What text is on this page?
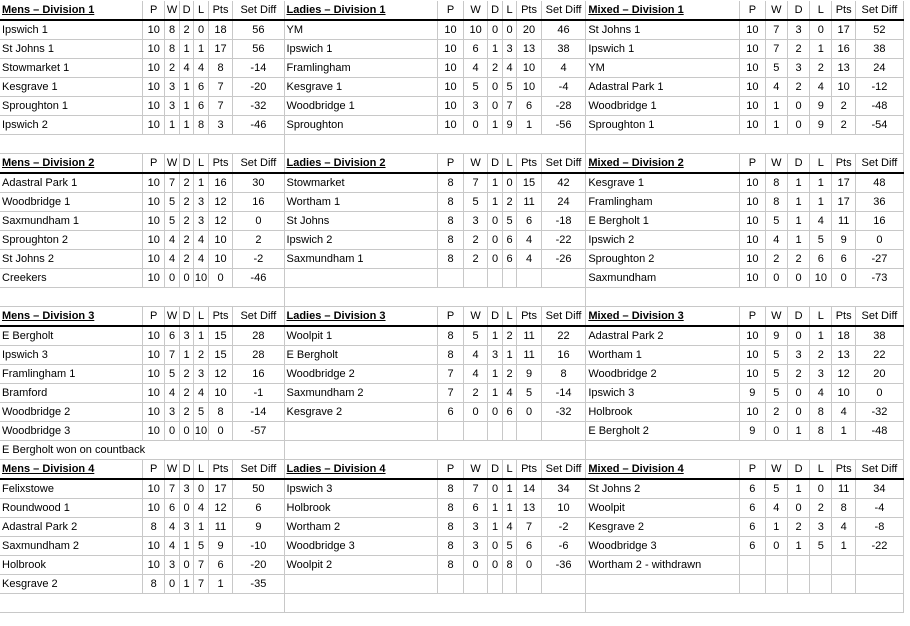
Mens – Division 1	P	W	D	L	Pts	Set Diff	Ladies – Division 1	P	W	D	L	Pts	Set Diff	Mixed – Division 1	P	W	D	L	Pts	Set Diff
Ipswich 1	10	8	2	0	18	56	YM	10	10	0	0	20	46	St Johns 1	10	7	3	0	17	52
St Johns 1	10	8	1	1	17	56	Ipswich 1	10	6	1	3	13	38	Ipswich 1	10	7	2	1	16	38
Stowmarket 1	10	2	4	4	8	-14	Framlingham	10	4	2	4	10	4	YM	10	5	3	2	13	24
Kesgrave 1	10	3	1	6	7	-20	Kesgrave 1	10	5	0	5	10	-4	Adastral Park 1	10	4	2	4	10	-12
Sproughton 1	10	3	1	6	7	-32	Woodbridge 1	10	3	0	7	6	-28	Woodbridge 1	10	1	0	9	2	-48
Ipswich 2	10	1	1	8	3	-46	Sproughton	10	0	1	9	1	-56	Sproughton 1	10	1	0	9	2	-54

Mens – Division 2	P	W	D	L	Pts	Set Diff	Ladies – Division 2	P	W	D	L	Pts	Set Diff	Mixed – Division 2	P	W	D	L	Pts	Set Diff
Adastral Park 1	10	7	2	1	16	30	Stowmarket	8	7	1	0	15	42	Kesgrave 1	10	8	1	1	17	48
Woodbridge 1	10	5	2	3	12	16	Wortham 1	8	5	1	2	11	24	Framlingham	10	8	1	1	17	36
Saxmundham 1	10	5	2	3	12	0	St Johns	8	3	0	5	6	-18	E Bergholt 1	10	5	1	4	11	16
Sproughton 2	10	4	2	4	10	2	Ipswich 2	8	2	0	6	4	-22	Ipswich 2	10	4	1	5	9	0
St Johns 2	10	4	2	4	10	-2	Saxmundham 1	8	2	0	6	4	-26	Sproughton 2	10	2	2	6	6	-27
Creekers	10	0	0	10	0	-46								Saxmundham	10	0	0	10	0	-73

Mens – Division 3	P	W	D	L	Pts	Set Diff	Ladies – Division 3	P	W	D	L	Pts	Set Diff	Mixed – Division 3	P	W	D	L	Pts	Set Diff
E Bergholt	10	6	3	1	15	28	Woolpit 1	8	5	1	2	11	22	Adastral Park 2	10	9	0	1	18	38
Ipswich 3	10	7	1	2	15	28	E Bergholt	8	4	3	1	11	16	Wortham 1	10	5	3	2	13	22
Framlingham 1	10	5	2	3	12	16	Woodbridge 2	7	4	1	2	9	8	Woodbridge 2	10	5	2	3	12	20
Bramford	10	4	2	4	10	-1	Saxmundham 2	7	2	1	4	5	-14	Ipswich 3	9	5	0	4	10	0
Woodbridge 2	10	3	2	5	8	-14	Kesgrave 2	6	0	0	6	0	-32	Holbrook	10	2	0	8	4	-32
Woodbridge 3	10	0	0	10	0	-57								E Bergholt 2	9	0	1	8	1	-48
E Bergholt won on countback																				
Mens – Division 4	P	W	D	L	Pts	Set Diff	Ladies – Division 4	P	W	D	L	Pts	Set Diff	Mixed – Division 4	P	W	D	L	Pts	Set Diff
Felixstowe	10	7	3	0	17	50	Ipswich 3	8	7	0	1	14	34	St Johns 2	6	5	1	0	11	34
Roundwood 1	10	6	0	4	12	6	Holbrook	8	6	1	1	13	10	Woolpit	6	4	0	2	8	-4
Adastral Park 2	8	4	3	1	11	9	Wortham 2	8	3	1	4	7	-2	Kesgrave 2	6	1	2	3	4	-8
Saxmundham 2	10	4	1	5	9	-10	Woodbridge 3	8	3	0	5	6	-6	Woodbridge 3	6	0	1	5	1	-22
Holbrook	10	3	0	7	6	-20	Woolpit 2	8	0	0	8	0	-36	Wortham 2 - withdrawn						
Kesgrave 2	8	0	1	7	1	-35														
